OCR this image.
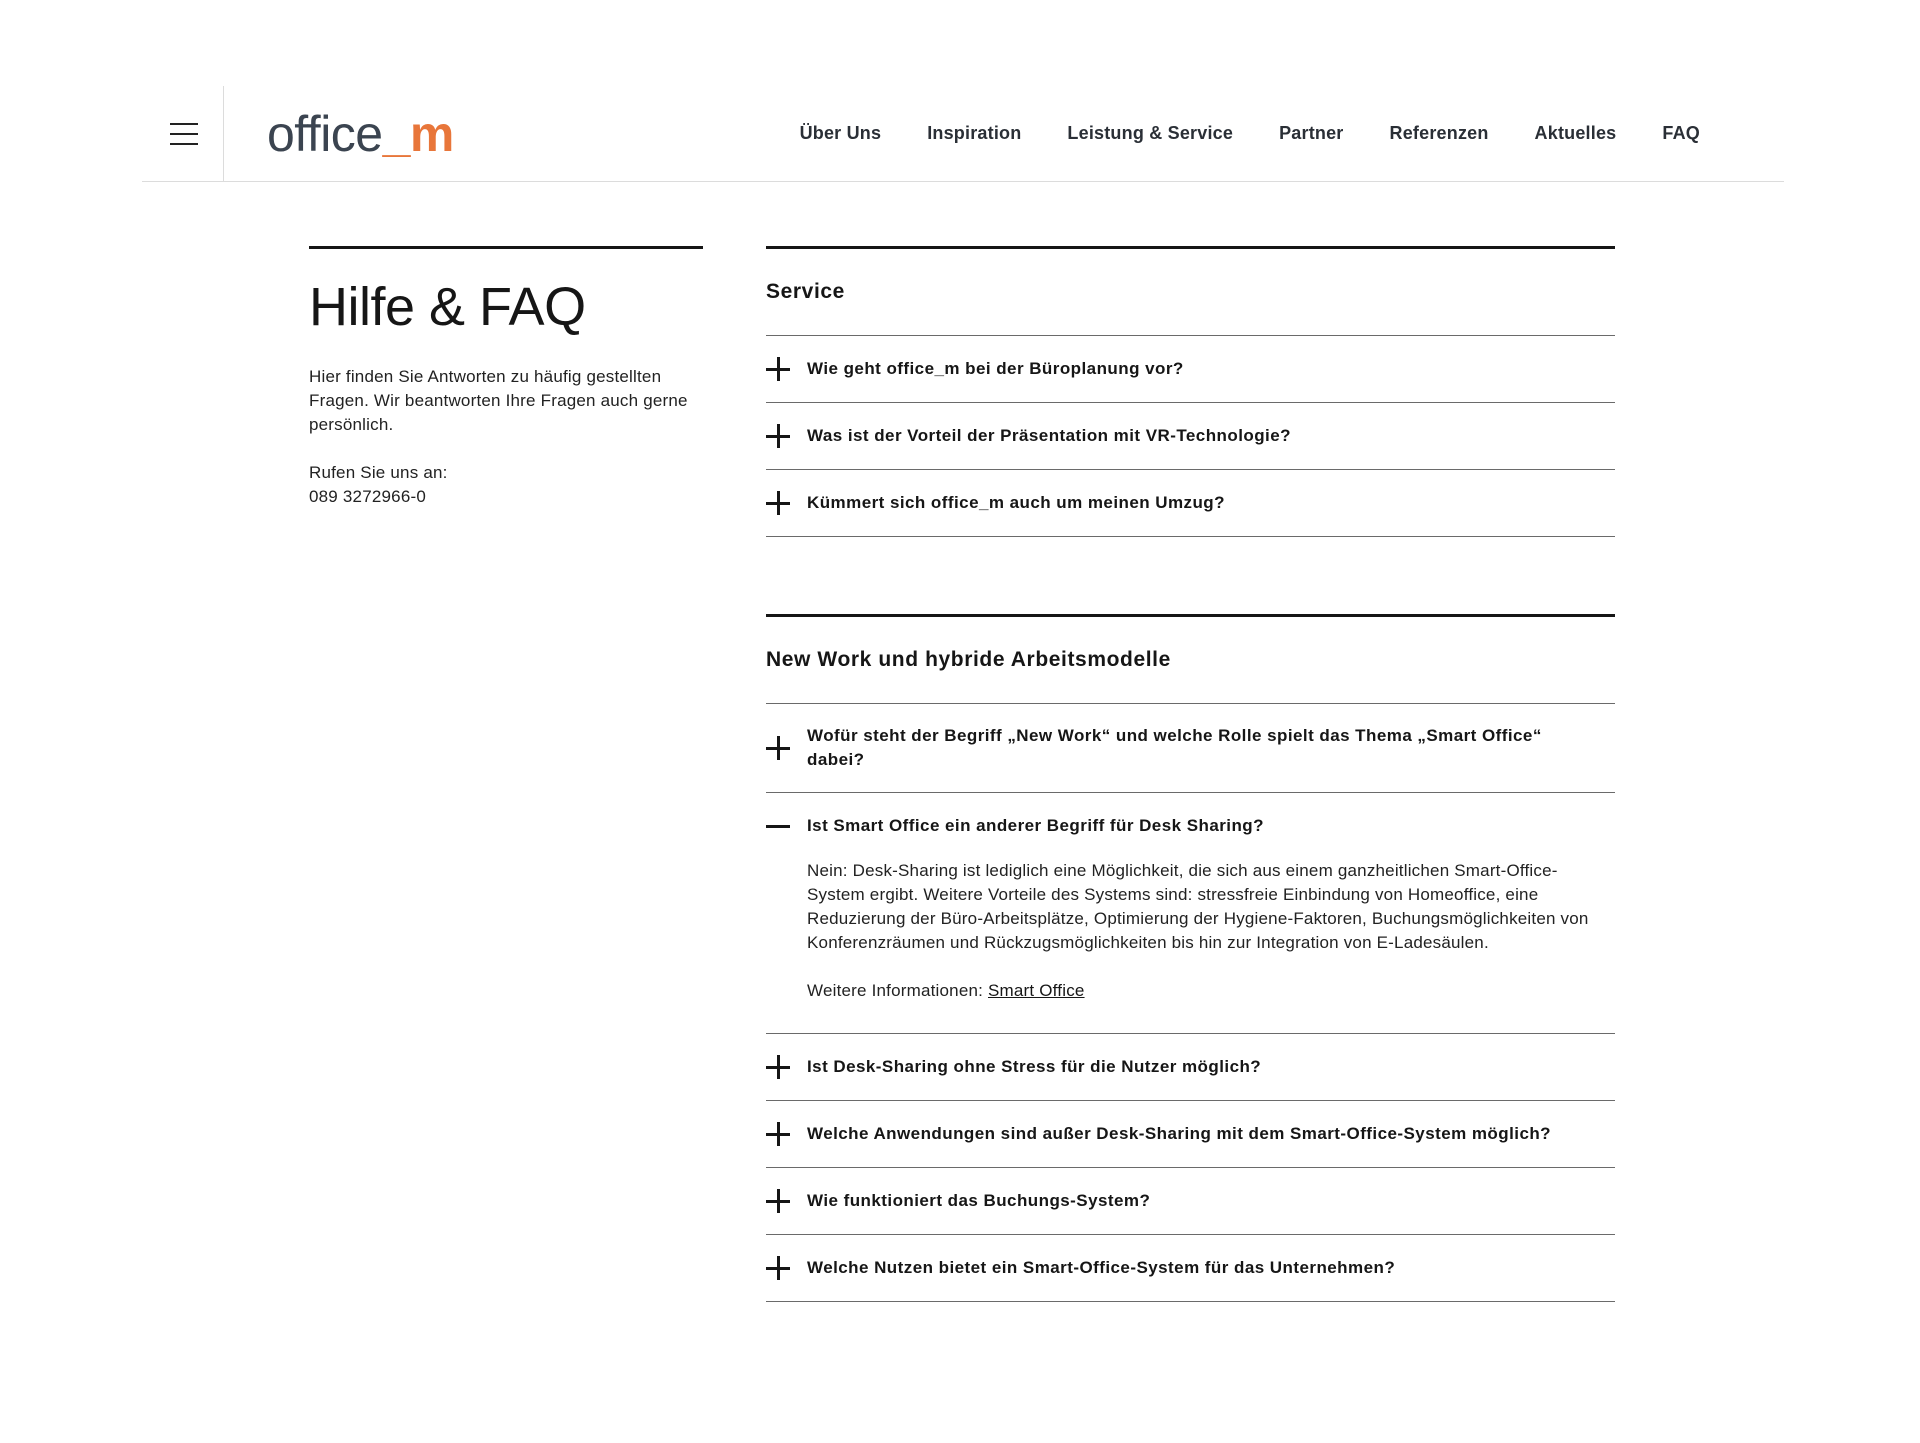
office_m	Über Uns	Inspiration	Leistung & Service	Partner	Referenzen	Aktuelles	FAQ
Hilfe & FAQ

Hier finden Sie Antworten zu häufig gestellten Fragen. Wir beantworten Ihre Fragen auch gerne persönlich.

Rufen Sie uns an:
089 3272966-0

Service
Wie geht office_m bei der Büroplanung vor?
Was ist der Vorteil der Präsentation mit VR-Technologie?
Kümmert sich office_m auch um meinen Umzug?
New Work und hybride Arbeitsmodelle
Wofür steht der Begriff „New Work“ und welche Rolle spielt das Thema „Smart Office“ dabei?
Ist Smart Office ein anderer Begriff für Desk Sharing?

Nein: Desk-Sharing ist lediglich eine Möglichkeit, die sich aus einem ganzheitlichen Smart-Office-System ergibt. Weitere Vorteile des Systems sind: stressfreie Einbindung von Homeoffice, eine Reduzierung der Büro-Arbeitsplätze, Optimierung der Hygiene-Faktoren, Buchungsmöglichkeiten von Konferenzräumen und Rückzugsmöglichkeiten bis hin zur Integration von E-Ladesäulen.

Weitere Informationen: Smart Office

Ist Desk-Sharing ohne Stress für die Nutzer möglich?
Welche Anwendungen sind außer Desk-Sharing mit dem Smart-Office-System möglich?
Wie funktioniert das Buchungs-System?
Welche Nutzen bietet ein Smart-Office-System für das Unternehmen?
